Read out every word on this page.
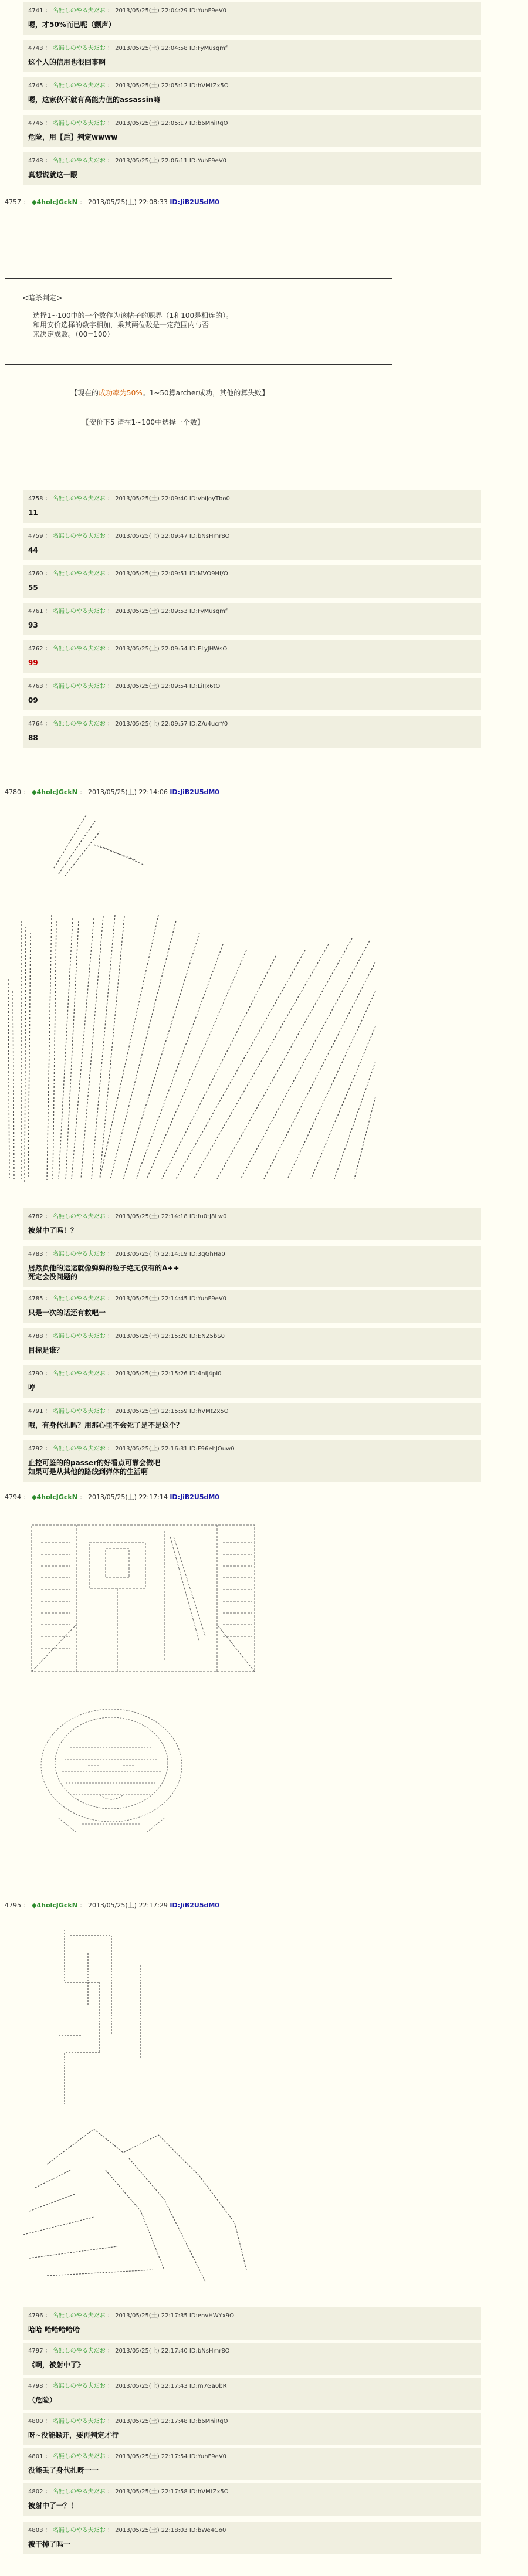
4741 ： 名無しのやる夫だお ： 2013/05/25(土) 22:04:29 ID:YuhF9eV0
嗯，才50%而已呢（颤声）
4743 ： 名無しのやる夫だお ： 2013/05/25(土) 22:04:58 ID:FyMusqmf
这个人的信用也很回事啊
4745 ： 名無しのやる夫だお ： 2013/05/25(土) 22:05:12 ID:hVMtZx5O
嗯，这家伙不就有高能力值的assassin嘛
4746 ： 名無しのやる夫だお ： 2013/05/25(土) 22:05:17 ID:b6MniRqO
危险，用【后】判定wwww
4748 ： 名無しのやる夫だお ： 2013/05/25(土) 22:06:11 ID:YuhF9eV0
真想说就这一眼
4757 ： ◆4holcJGckN ： 2013/05/25(土) 22:08:33 ID:JiB2U5dM0
<暗杀判定>
选择1~100中的一个数作为该帖子的职界（1和100是相连的）。
和用安价选择的数字相加，乘其两位数是一定范围内与否
来决定成败。（00=100）
【现在的成功率为50%。1~50算archer成功，其他的算失败】
【安价下5 请在1~100中选择一个数】
4758 ： 名無しのやる夫だお ： 2013/05/25(土) 22:09:40 ID:vbiJoyTbo0
11
4759 ： 名無しのやる夫だお ： 2013/05/25(土) 22:09:47 ID:bNsHmr8O
44
4760 ： 名無しのやる夫だお ： 2013/05/25(土) 22:09:51 ID:MVO9Hf/O
55
4761 ： 名無しのやる夫だお ： 2013/05/25(土) 22:09:53 ID:FyMusqmf
93
4762 ： 名無しのやる夫だお ： 2013/05/25(土) 22:09:54 ID:ELyJHWsO
99
4763 ： 名無しのやる夫だお ： 2013/05/25(土) 22:09:54 ID:LiIJx6tO
09
4764 ： 名無しのやる夫だお ： 2013/05/25(土) 22:09:57 ID:Z/u4ucrY0
88
4780 ： ◆4holcJGckN ： 2013/05/25(土) 22:14:06 ID:JiB2U5dM0
4782 ： 名無しのやる夫だお ： 2013/05/25(土) 22:14:18 ID:fu0tJ8Lw0
被射中了吗！？
4783 ： 名無しのやる夫だお ： 2013/05/25(土) 22:14:19 ID:3qGhHa0
居然负他的运运就像弹弹的粒子绝无仅有的A++
死定会没问题的
4785 ： 名無しのやる夫だお ： 2013/05/25(土) 22:14:45 ID:YuhF9eV0
只是一次的话还有救吧一
4788 ： 名無しのやる夫だお ： 2013/05/25(土) 22:15:20 ID:ENZ5bS0
目标是谁？
4790 ： 名無しのやる夫だお ： 2013/05/25(土) 22:15:26 ID:4nIJ4pI0
哼
4791 ： 名無しのやる夫だお ： 2013/05/25(土) 22:15:59 ID:hVMtZx5O
哦，有身代扎吗？用那心里不会死了是不是这个？
4792 ： 名無しのやる夫だお ： 2013/05/25(土) 22:16:31 ID:F96ehJOuw0
止控可鉴的的passer的好看点可靠会做吧
如果可是从其他的路线到弹体的生活啊
4794 ： ◆4holcJGckN ： 2013/05/25(土) 22:17:14 ID:JiB2U5dM0
4795 ： ◆4holcJGckN ： 2013/05/25(土) 22:17:29 ID:JiB2U5dM0
4796 ： 名無しのやる夫だお ： 2013/05/25(土) 22:17:35 ID:envHWYx9O
哈哈 哈哈哈哈哈
4797 ： 名無しのやる夫だお ： 2013/05/25(土) 22:17:40 ID:bNsHmr8O
《啊，被射中了》
4798 ： 名無しのやる夫だお ： 2013/05/25(土) 22:17:43 ID:m7Ga0bR
（危险）
4800 ： 名無しのやる夫だお ： 2013/05/25(土) 22:17:48 ID:b6MniRqO
呀~没能躲开，要再判定才行
4801 ： 名無しのやる夫だお ： 2013/05/25(土) 22:17:54 ID:YuhF9eV0
没能丢了身代扎呀一一
4802 ： 名無しのやる夫だお ： 2013/05/25(土) 22:17:58 ID:hVMtZx5O
被射中了一？！
4803 ： 名無しのやる夫だお ： 2013/05/25(土) 22:18:03 ID:bWe4Go0
被干掉了吗一
